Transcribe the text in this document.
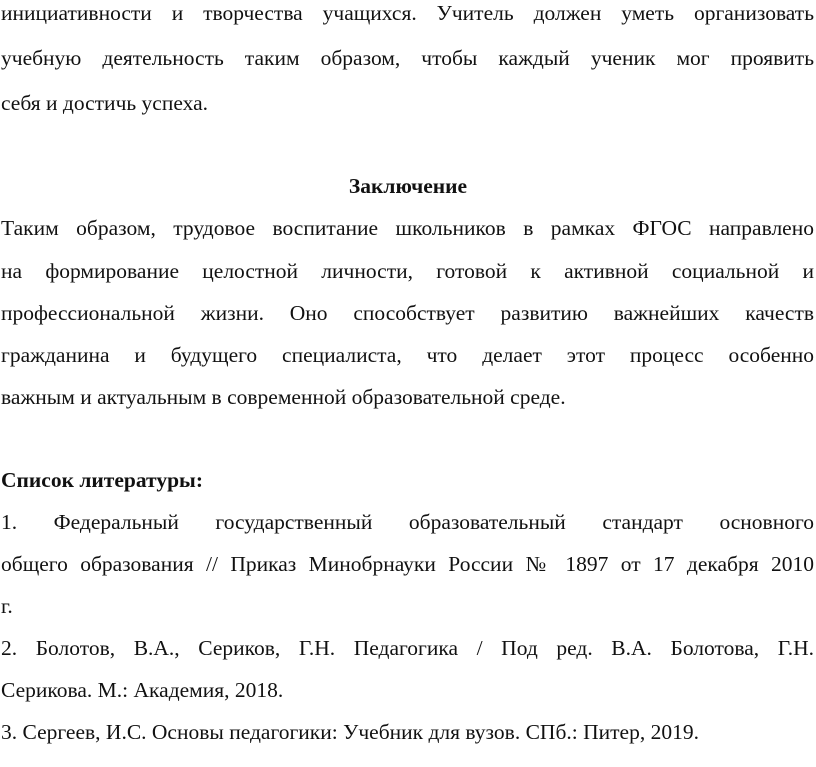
инициативности и творчества учащихся. Учитель должен уметь организовать
учебную деятельность таким образом, чтобы каждый ученик мог проявить
себя и достичь успеха.
Заключение
Таким образом, трудовое воспитание школьников в рамках ФГОС направлено
на формирование целостной личности, готовой к активной социальной и
профессиональной жизни. Оно способствует развитию важнейших качеств
гражданина и будущего специалиста, что делает этот процесс особенно
важным и актуальным в современной образовательной среде.
Список литературы:
1. Федеральный государственный образовательный стандарт основного
общего образования // Приказ Минобрнауки России № 1897 от 17 декабря 2010
г.
2. Болотов, В.А., Сериков, Г.Н. Педагогика / Под ред. В.А. Болотова, Г.Н.
Серикова. М.: Академия, 2018.
3. Сергеев, И.С. Основы педагогики: Учебник для вузов. СПб.: Питер, 2019.
